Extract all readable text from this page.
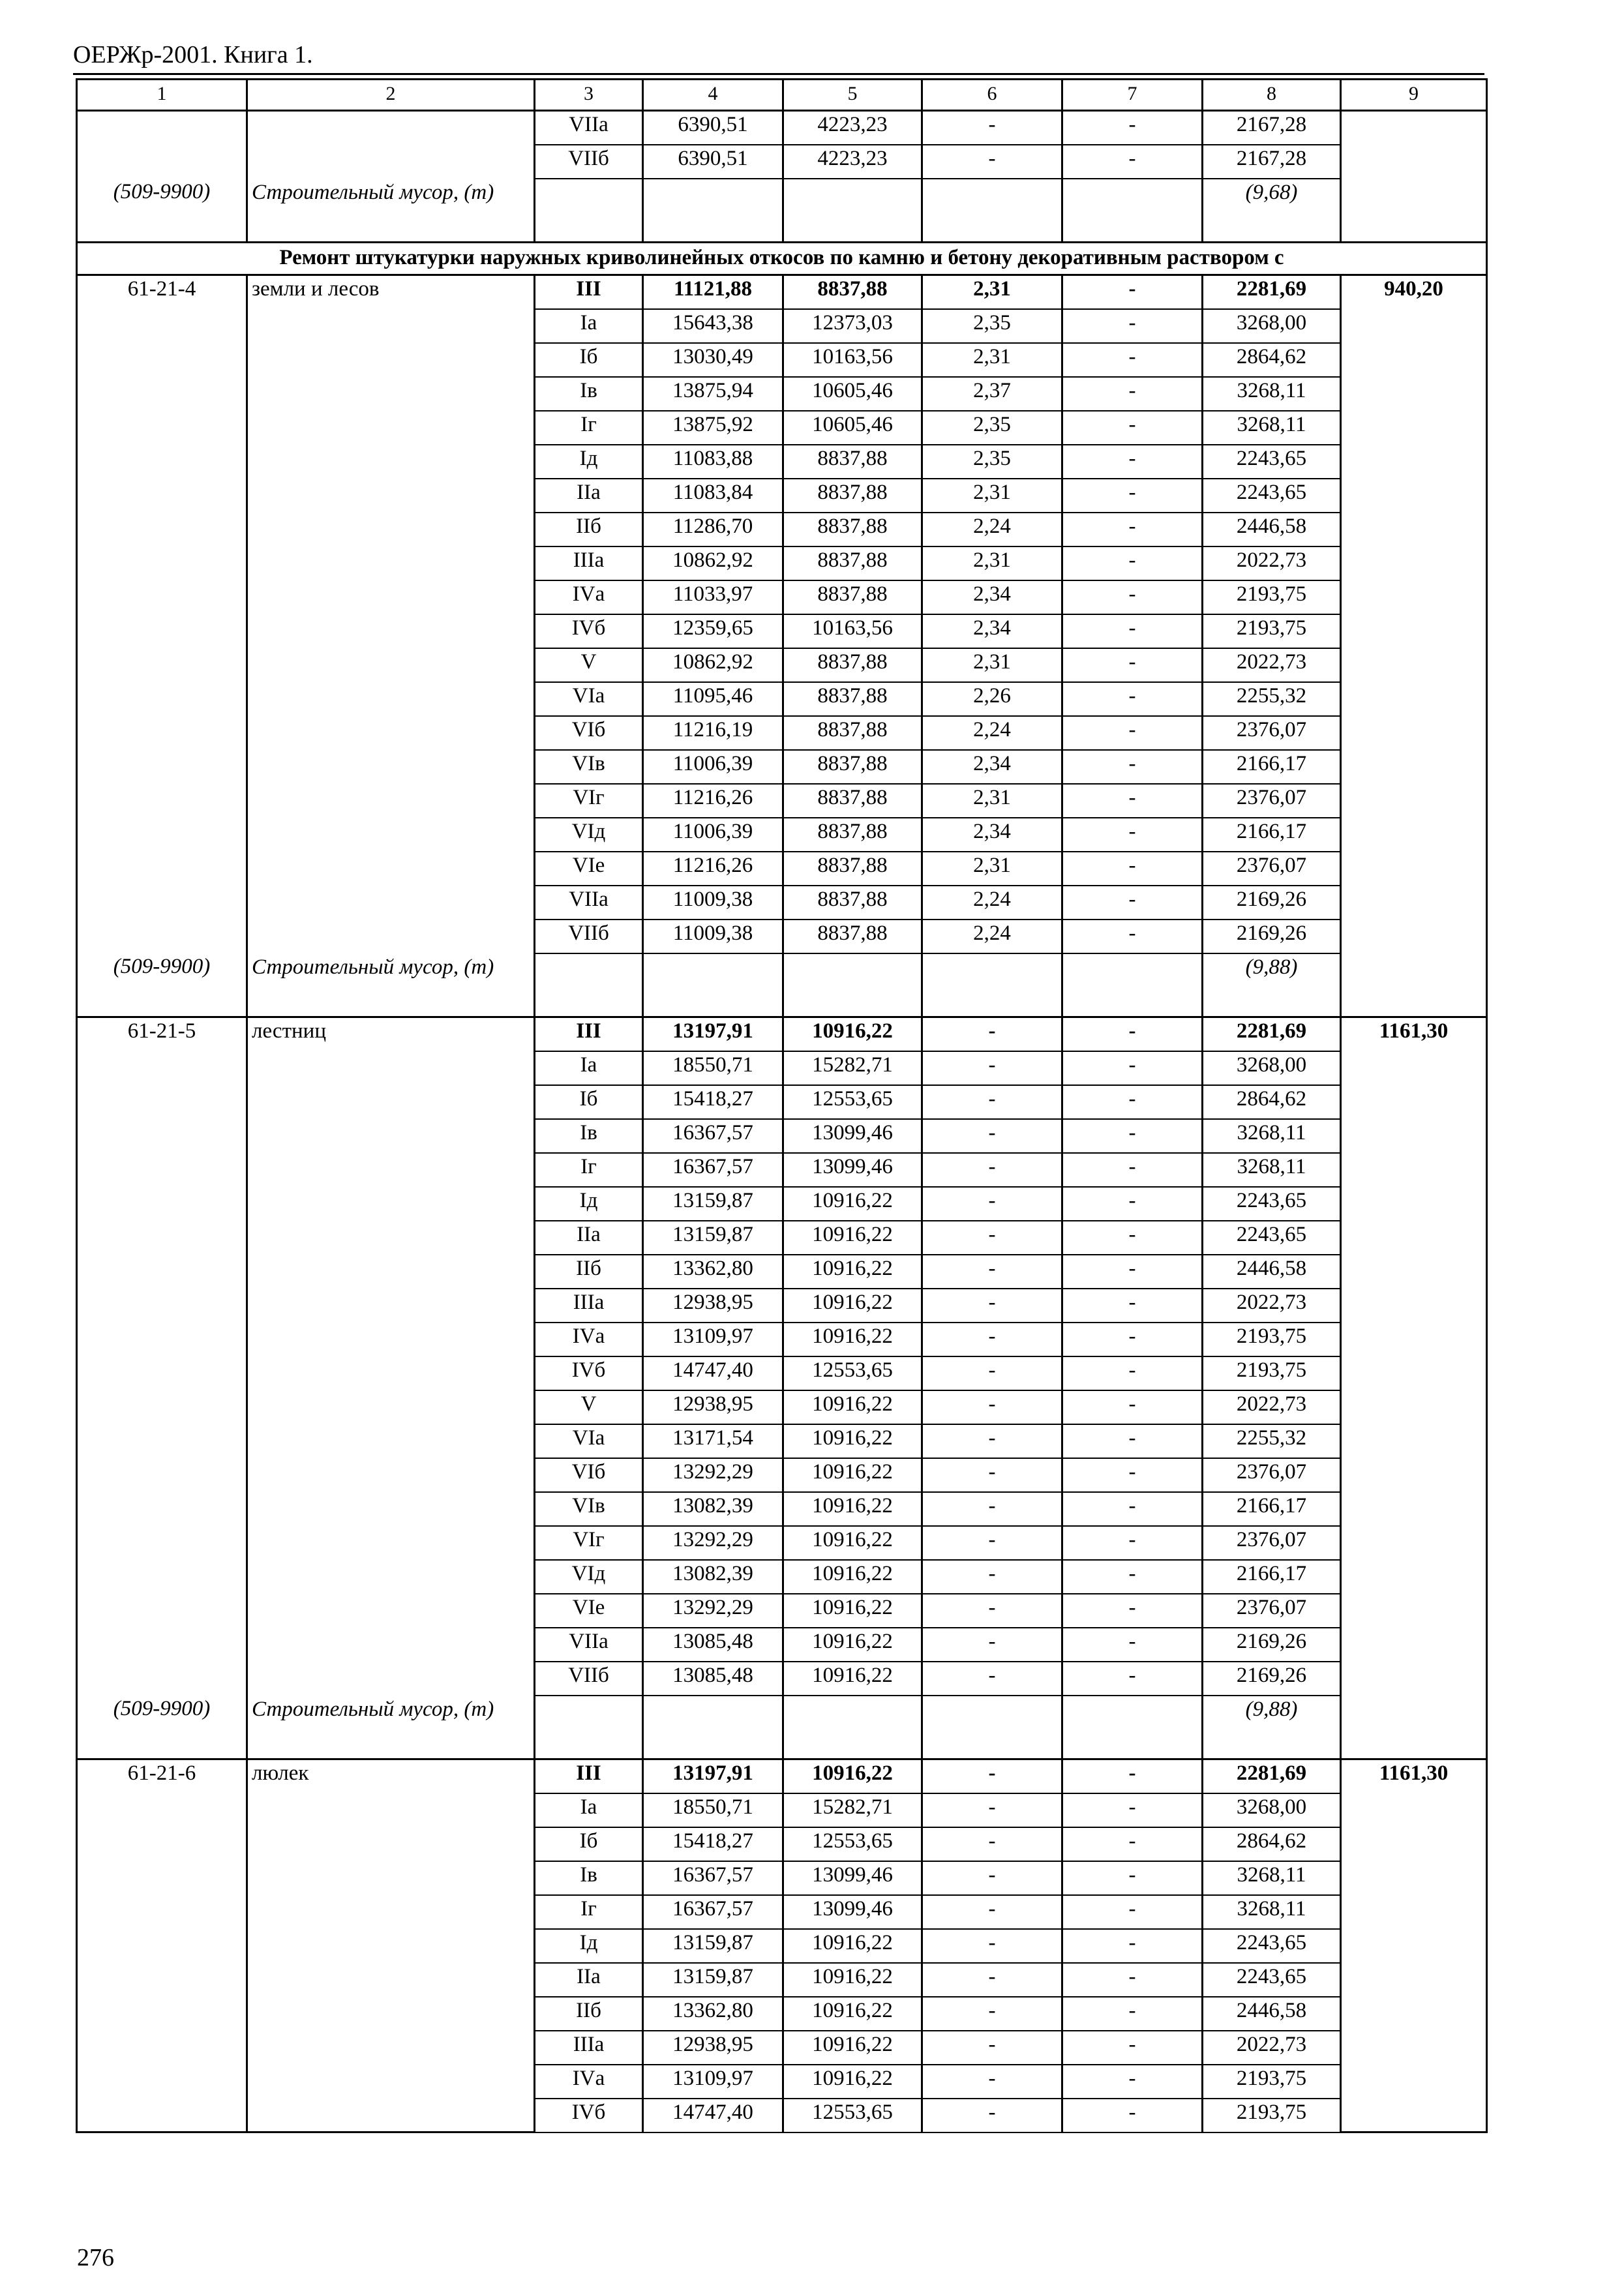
ОЕРЖр-2001. Книга 1.
1	2	3	4	5	6	7	8	9
		VIIа	6390,51	4223,23	-	-	2167,28	
		VIIб	6390,51	4223,23	-	-	2167,28	
(509-9900)	Строительный мусор, (т)						(9,68)	
Ремонт штукатурки наружных криволинейных откосов по камню и бетону декоративным раствором с								
61-21-4	земли и лесов	III	11121,88	8837,88	2,31	-	2281,69	940,20
		Iа	15643,38	12373,03	2,35	-	3268,00	
		Iб	13030,49	10163,56	2,31	-	2864,62	
		Iв	13875,94	10605,46	2,37	-	3268,11	
		Iг	13875,92	10605,46	2,35	-	3268,11	
		Iд	11083,88	8837,88	2,35	-	2243,65	
		IIа	11083,84	8837,88	2,31	-	2243,65	
		IIб	11286,70	8837,88	2,24	-	2446,58	
		IIIа	10862,92	8837,88	2,31	-	2022,73	
		IVа	11033,97	8837,88	2,34	-	2193,75	
		IVб	12359,65	10163,56	2,34	-	2193,75	
		V	10862,92	8837,88	2,31	-	2022,73	
		VIа	11095,46	8837,88	2,26	-	2255,32	
		VIб	11216,19	8837,88	2,24	-	2376,07	
		VIв	11006,39	8837,88	2,34	-	2166,17	
		VIг	11216,26	8837,88	2,31	-	2376,07	
		VIд	11006,39	8837,88	2,34	-	2166,17	
		VIе	11216,26	8837,88	2,31	-	2376,07	
		VIIа	11009,38	8837,88	2,24	-	2169,26	
		VIIб	11009,38	8837,88	2,24	-	2169,26	
(509-9900)	Строительный мусор, (т)						(9,88)	
61-21-5	лестниц	III	13197,91	10916,22	-	-	2281,69	1161,30
		Iа	18550,71	15282,71	-	-	3268,00	
		Iб	15418,27	12553,65	-	-	2864,62	
		Iв	16367,57	13099,46	-	-	3268,11	
		Iг	16367,57	13099,46	-	-	3268,11	
		Iд	13159,87	10916,22	-	-	2243,65	
		IIа	13159,87	10916,22	-	-	2243,65	
		IIб	13362,80	10916,22	-	-	2446,58	
		IIIа	12938,95	10916,22	-	-	2022,73	
		IVа	13109,97	10916,22	-	-	2193,75	
		IVб	14747,40	12553,65	-	-	2193,75	
		V	12938,95	10916,22	-	-	2022,73	
		VIа	13171,54	10916,22	-	-	2255,32	
		VIб	13292,29	10916,22	-	-	2376,07	
		VIв	13082,39	10916,22	-	-	2166,17	
		VIг	13292,29	10916,22	-	-	2376,07	
		VIд	13082,39	10916,22	-	-	2166,17	
		VIе	13292,29	10916,22	-	-	2376,07	
		VIIа	13085,48	10916,22	-	-	2169,26	
		VIIб	13085,48	10916,22	-	-	2169,26	
(509-9900)	Строительный мусор, (т)						(9,88)	
61-21-6	люлек	III	13197,91	10916,22	-	-	2281,69	1161,30
		Iа	18550,71	15282,71	-	-	3268,00	
		Iб	15418,27	12553,65	-	-	2864,62	
		Iв	16367,57	13099,46	-	-	3268,11	
		Iг	16367,57	13099,46	-	-	3268,11	
		Iд	13159,87	10916,22	-	-	2243,65	
		IIа	13159,87	10916,22	-	-	2243,65	
		IIб	13362,80	10916,22	-	-	2446,58	
		IIIа	12938,95	10916,22	-	-	2022,73	
		IVа	13109,97	10916,22	-	-	2193,75	
		IVб	14747,40	12553,65	-	-	2193,75	
276
